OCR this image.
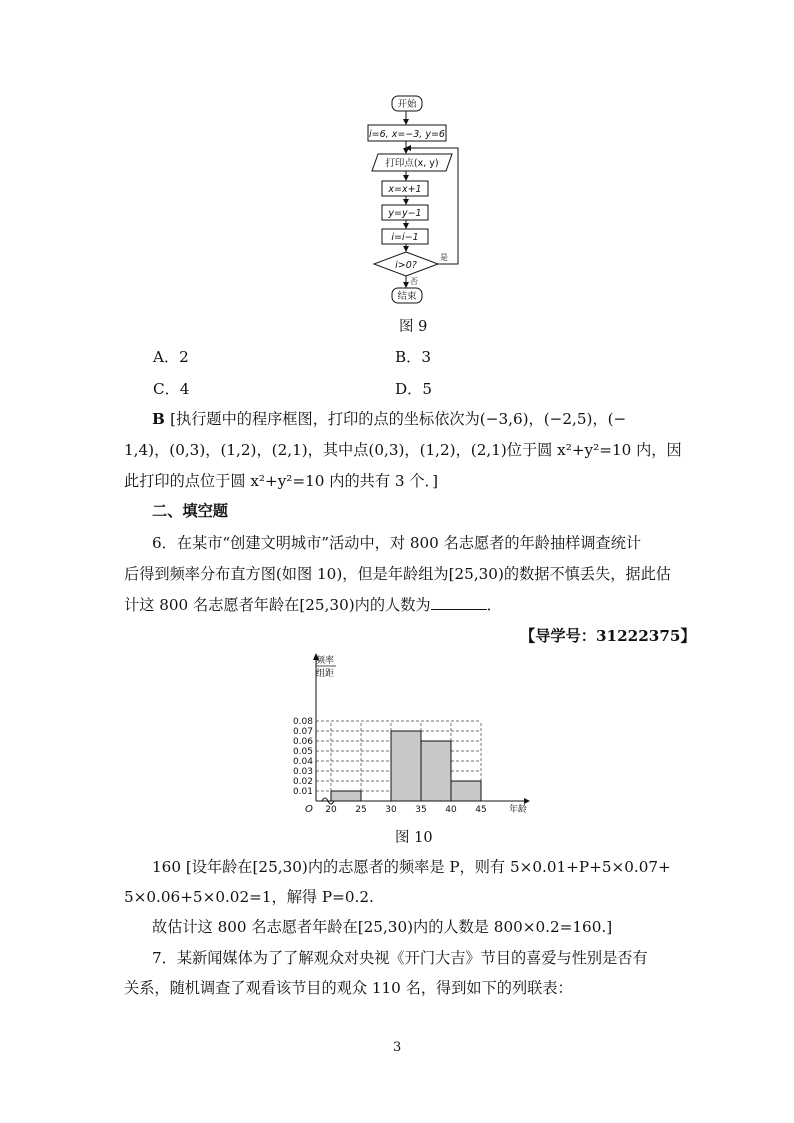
开始
i=6, x=−3, y=6
打印点(x, y)
x=x+1
y=y−1
i=i−1
i>0?
是
否
结束
图 9
A．2	B．3
C．4	D．5
B [执行题中的程序框图，打印的点的坐标依次为(−3,6)，(−2,5)，(−
1,4)，(0,3)，(1,2)，(2,1)，其中点(0,3)，(1,2)，(2,1)位于圆 x²+y²=10 内，因
此打印的点位于圆 x²+y²=10 内的共有 3 个．]
二、填空题
6．在某市“创建文明城市”活动中，对 800 名志愿者的年龄抽样调查统计
后得到频率分布直方图(如图 10)，但是年龄组为[25,30)的数据不慎丢失，据此估
计这 800 名志愿者年龄在[25,30)内的人数为	．
【导学号：31222375】
0.01
0.02
0.03
0.04
0.05
0.06
0.07
0.08
20 25 30 35 40 45
频率
组距
年龄
O
图 10
160 [设年龄在[25,30)内的志愿者的频率是 P，则有 5×0.01+P+5×0.07+
5×0.06+5×0.02=1，解得 P=0.2.
故估计这 800 名志愿者年龄在[25,30)内的人数是 800×0.2=160.]
7．某新闻媒体为了了解观众对央视《开门大吉》节目的喜爱与性别是否有
关系，随机调查了观看该节目的观众 110 名，得到如下的列联表：
3
